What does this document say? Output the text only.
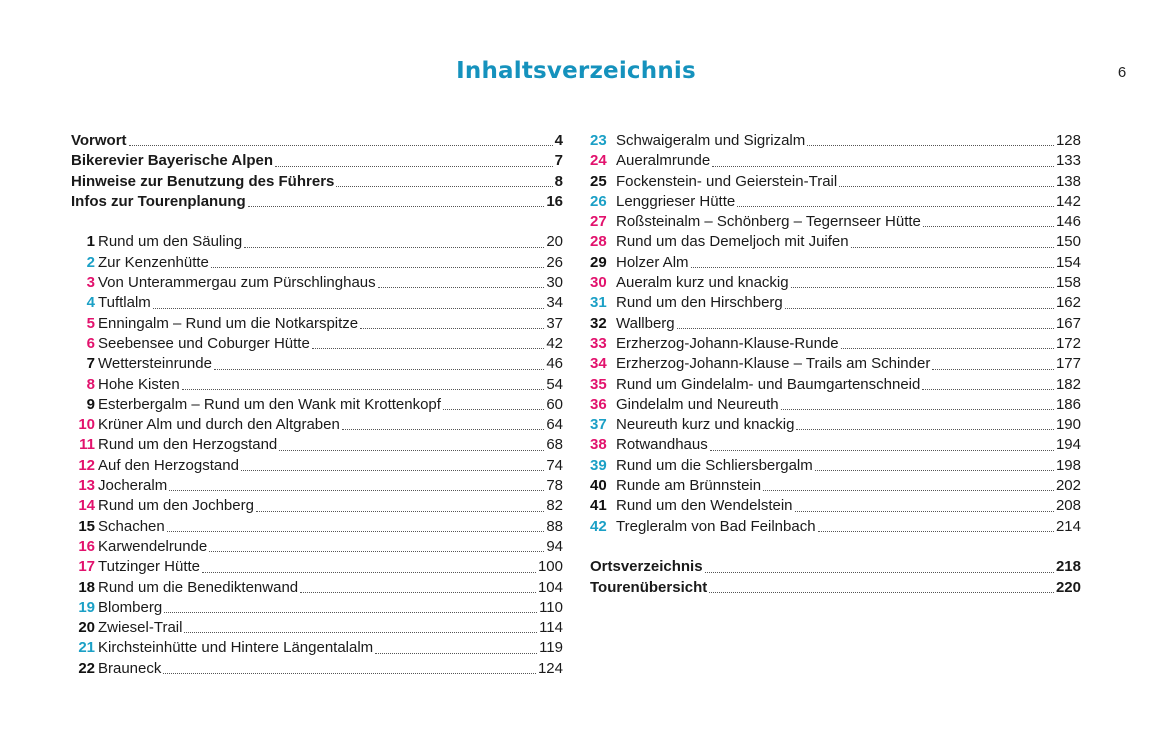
Inhaltsverzeichnis	6
Vorwort	4
Bikerevier Bayerische Alpen	7
Hinweise zur Benutzung des Führers	8
Infos zur Tourenplanung	16
1 Rund um den Säuling	20
2 Zur Kenzenhütte	26
3 Von Unterammergau zum Pürschlinghaus	30
4 Tuftlalm	34
5 Enningalm – Rund um die Notkarspitze	37
6 Seebensee und Coburger Hütte	42
7 Wettersteinrunde	46
8 Hohe Kisten	54
9 Esterbergalm – Rund um den Wank mit Krottenkopf	60
10 Krüner Alm und durch den Altgraben	64
11 Rund um den Herzogstand	68
12 Auf den Herzogstand	74
13 Jocheralm	78
14 Rund um den Jochberg	82
15 Schachen	88
16 Karwendelrunde	94
17 Tutzinger Hütte	100
18 Rund um die Benediktenwand	104
19 Blomberg	110
20 Zwiesel-Trail	114
21 Kirchsteinhütte und Hintere Längentalalm	119
22 Brauneck	124
23 Schwaigeralm und Sigrizalm	128
24 Aueralmrunde	133
25 Fockenstein- und Geierstein-Trail	138
26 Lenggrieser Hütte	142
27 Roßsteinalm – Schönberg – Tegernseer Hütte	146
28 Rund um das Demeljoch mit Juifen	150
29 Holzer Alm	154
30 Aueralm kurz und knackig	158
31 Rund um den Hirschberg	162
32 Wallberg	167
33 Erzherzog-Johann-Klause-Runde	172
34 Erzherzog-Johann-Klause – Trails am Schinder	177
35 Rund um Gindelalm- und Baumgartenschneid	182
36 Gindelalm und Neureuth	186
37 Neureuth kurz und knackig	190
38 Rotwandhaus	194
39 Rund um die Schliersbergalm	198
40 Runde am Brünnstein	202
41 Rund um den Wendelstein	208
42 Tregleralm von Bad Feilnbach	214
Ortsverzeichnis	218
Tourenübersicht	220
